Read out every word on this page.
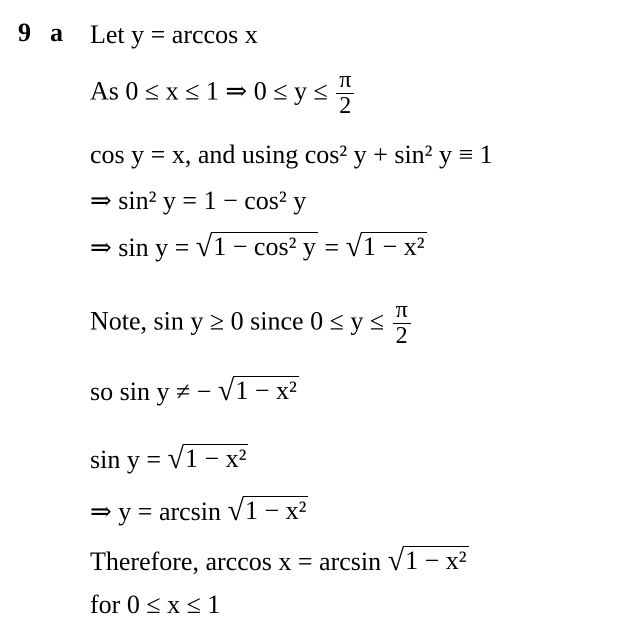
9 a Let y = arccos x
As 0 ≤ x ≤ 1 ⇒ $0 \le y \le \frac{\pi}{2}$
cos y = x, and using cos² y + sin² y ≡ 1
⇒ sin² y = 1 − cos² y
⇒ sin y = √ 1 − cos² y = √ 1 − x²
Note, sin y ≥ 0 since $0 \le y \le \frac{\pi}{2}$
so sin y ≠ − √ 1 − x²
sin y = √ 1 − x²
⇒ y = arcsin √ 1 − x²
Therefore, arccos x = arcsin √ 1 − x²
for 0 ≤ x ≤ 1
